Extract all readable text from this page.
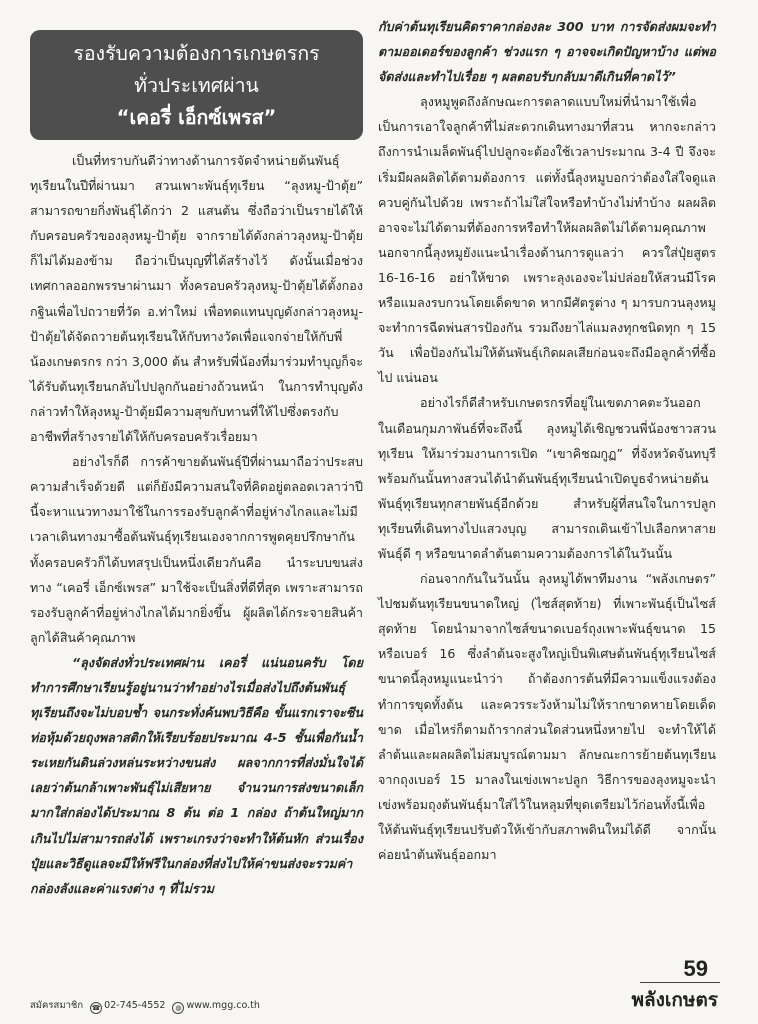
รองรับความต้องการเกษตรกร
ทั่วประเทศผ่าน
“เคอรี่ เอ็กซ์เพรส”

เป็นที่ทราบกันดีว่าทางด้านการจัดจำหน่ายต้นพันธุ์ทุเรียนในปีที่ผ่านมา สวนเพาะพันธุ์ทุเรียน “ลุงหมู-ป้าตุ้ย” สามารถขายกิ่งพันธุ์ได้กว่า 2 แสนต้น ซึ่งถือว่าเป็นรายได้ให้กับครอบครัวของลุงหมู-ป้าตุ้ย จากรายได้ดังกล่าวลุงหมู-ป้าตุ้ยก็ไม่ได้มองข้าม ถือว่าเป็นบุญที่ได้สร้างไว้ ดังนั้นเมื่อช่วงเทศกาลออกพรรษาผ่านมา ทั้งครอบครัวลุงหมู-ป้าตุ้ยได้ตั้งกองกฐินเพื่อไปถวายที่วัด อ.ท่าใหม่ เพื่อทดแทนบุญดังกล่าวลุงหมู-ป้าตุ้ยได้จัดถวายต้นทุเรียนให้กับทางวัดเพื่อแจกจ่ายให้กับพี่น้องเกษตรกร กว่า 3,000 ต้น สำหรับพี่น้องที่มาร่วมทำบุญก็จะได้รับต้นทุเรียนกลับไปปลูกกันอย่างถ้วนหน้า ในการทำบุญดังกล่าวทำให้ลุงหมู-ป้าตุ้ยมีความสุขกับทานที่ให้ไปซึ่งตรงกับอาชีพที่สร้างรายได้ให้กับครอบครัวเรื่อยมา

อย่างไรก็ดี การค้าขายต้นพันธุ์ปีที่ผ่านมาถือว่าประสบความสำเร็จด้วยดี แต่ก็ยังมีความสนใจที่คิดอยู่ตลอดเวลาว่าปีนี้จะหาแนวทางมาใช้ในการรองรับลูกค้าที่อยู่ห่างไกลและไม่มีเวลาเดินทางมาซื้อต้นพันธุ์ทุเรียนเองจากการพูดคุยปรึกษากันทั้งครอบครัวก็ได้บทสรุปเป็นหนึ่งเดียวกันคือ นำระบบขนส่งทาง “เคอรี่ เอ็กซ์เพรส” มาใช้จะเป็นสิ่งที่ดีที่สุด เพราะสามารถรองรับลูกค้าที่อยู่ห่างไกลได้มากยิ่งขึ้น ผู้ผลิตได้กระจายสินค้า ลูกได้สินค้าคุณภาพ

“ลุงจัดส่งทั่วประเทศผ่าน เคอรี่ แน่นอนครับ โดยทำการศึกษาเรียนรู้อยู่นานว่าทำอย่างไรเมื่อส่งไปถึงต้นพันธุ์ทุเรียนถึงจะไม่บอบช้ำ จนกระทั่งค้นพบวิธีคือ ขั้นแรกเราจะซีนท่อหุ้มด้วยถุงพลาสติกให้เรียบร้อยประมาณ 4-5 ชั้นเพื่อกันน้ำระเหยกันดินล่วงหล่นระหว่างขนส่ง ผลจากการที่ส่งมั่นใจได้เลยว่าต้นกล้าเพาะพันธุ์ไม่เสียหาย จำนวนการส่งขนาดเล็กมากใส่กล่องได้ประมาณ 8 ต้น ต่อ 1 กล่อง ถ้าต้นใหญ่มากเกินไปไม่สามารถส่งได้ เพราะเกรงว่าจะทำให้ต้นหัก ส่วนเรื่องปุ๋ยและวิธีดูแลจะมีให้ฟรีในกล่องที่ส่งไปให้ค่าขนส่งจะรวมค่ากล่องลังและค่าแรงต่าง ๆ ที่ไม่รวม

กับค่าต้นทุเรียนคิดราคากล่องละ 300 บาท การจัดส่งผมจะทำตามออเดอร์ของลูกค้า ช่วงแรก ๆ อาจจะเกิดปัญหาบ้าง แต่พอจัดส่งและทำไปเรื่อย ๆ ผลตอบรับกลับมาดีเกินที่คาดไว้”

ลุงหมูพูดถึงลักษณะการตลาดแบบใหม่ที่นำมาใช้เพื่อเป็นการเอาใจลูกค้าที่ไม่สะดวกเดินทางมาที่สวน หากจะกล่าวถึงการนำเมล็ดพันธุ์ไปปลูกจะต้องใช้เวลาประมาณ 3-4 ปี จึงจะเริ่มมีผลผลิตได้ตามต้องการ แต่ทั้งนี้ลุงหมูบอกว่าต้องใส่ใจดูแลควบคู่กันไปด้วย เพราะถ้าไม่ใส่ใจหรือทำบ้างไม่ทำบ้าง ผลผลิตอาจจะไม่ได้ตามที่ต้องการหรือทำให้ผลผลิตไม่ได้ตามคุณภาพ นอกจากนี้ลุงหมูยังแนะนำเรื่องด้านการดูแลว่า ควรใส่ปุ๋ยสูตร 16-16-16 อย่าให้ขาด เพราะลุงเองจะไม่ปล่อยให้สวนมีโรคหรือแมลงรบกวนโดยเด็ดขาด หากมีศัตรูต่าง ๆ มารบกวนลุงหมูจะทำการฉีดพ่นสารป้องกัน รวมถึงยาไล่แมลงทุกชนิดทุก ๆ 15 วัน เพื่อป้องกันไม่ให้ต้นพันธุ์เกิดผลเสียก่อนจะถึงมือลูกค้าที่ซื้อไป แน่นอน

อย่างไรก็ดีสำหรับเกษตรกรที่อยู่ในเขตภาคตะวันออก ในเดือนกุมภาพันธ์ที่จะถึงนี้ ลุงหมูได้เชิญชวนพี่น้องชาวสวนทุเรียน ให้มาร่วมงานการเปิด “เขาคิชฌกูฏ” ที่จังหวัดจันทบุรี พร้อมกันนั้นทางสวนได้นำต้นพันธุ์ทุเรียนนำเปิดบูธจำหน่ายต้นพันธุ์ทุเรียนทุกสายพันธุ์อีกด้วย สำหรับผู้ที่สนใจในการปลูกทุเรียนที่เดินทางไปแสวงบุญ สามารถเดินเข้าไปเลือกหาสายพันธุ์ดี ๆ หรือขนาดลำต้นตามความต้องการได้ในวันนั้น

ก่อนจากกันในวันนั้น ลุงหมูได้พาทีมงาน “พลังเกษตร” ไปชมต้นทุเรียนขนาดใหญ่ (ไซส์สุดท้าย) ที่เพาะพันธุ์เป็นไซส์สุดท้าย โดยนำมาจากไซส์ขนาดเบอร์ถุงเพาะพันธุ์ขนาด 15 หรือเบอร์ 16 ซึ่งลำต้นจะสูงใหญ่เป็นพิเศษต้นพันธุ์ทุเรียนไซส์ขนาดนี้ลุงหมูแนะนำว่า ถ้าต้องการต้นที่มีความแข็งแรงต้องทำการขุดทั้งต้น และควรระวังห้ามไม่ให้รากขาดหายโดยเด็ดขาด เมื่อไหร่ก็ตามถ้ารากส่วนใดส่วนหนึ่งหายไป จะทำให้ได้ลำต้นและผลผลิตไม่สมบูรณ์ตามมา ลักษณะการย้ายต้นทุเรียนจากถุงเบอร์ 15 มาลงในเข่งเพาะปลูก วิธีการของลุงหมูจะนำเข่งพร้อมถุงต้นพันธุ์มาใส่ไว้ในหลุมที่ขุดเตรียมไว้ก่อนทั้งนี้เพื่อให้ต้นพันธุ์ทุเรียนปรับตัวให้เข้ากับสภาพดินใหม่ได้ดี จากนั้นค่อยนำต้นพันธุ์ออกมา

59
พลังเกษตร
สมัครสมาชิก ☎ 02-745-4552 ◍ www.mgg.co.th
